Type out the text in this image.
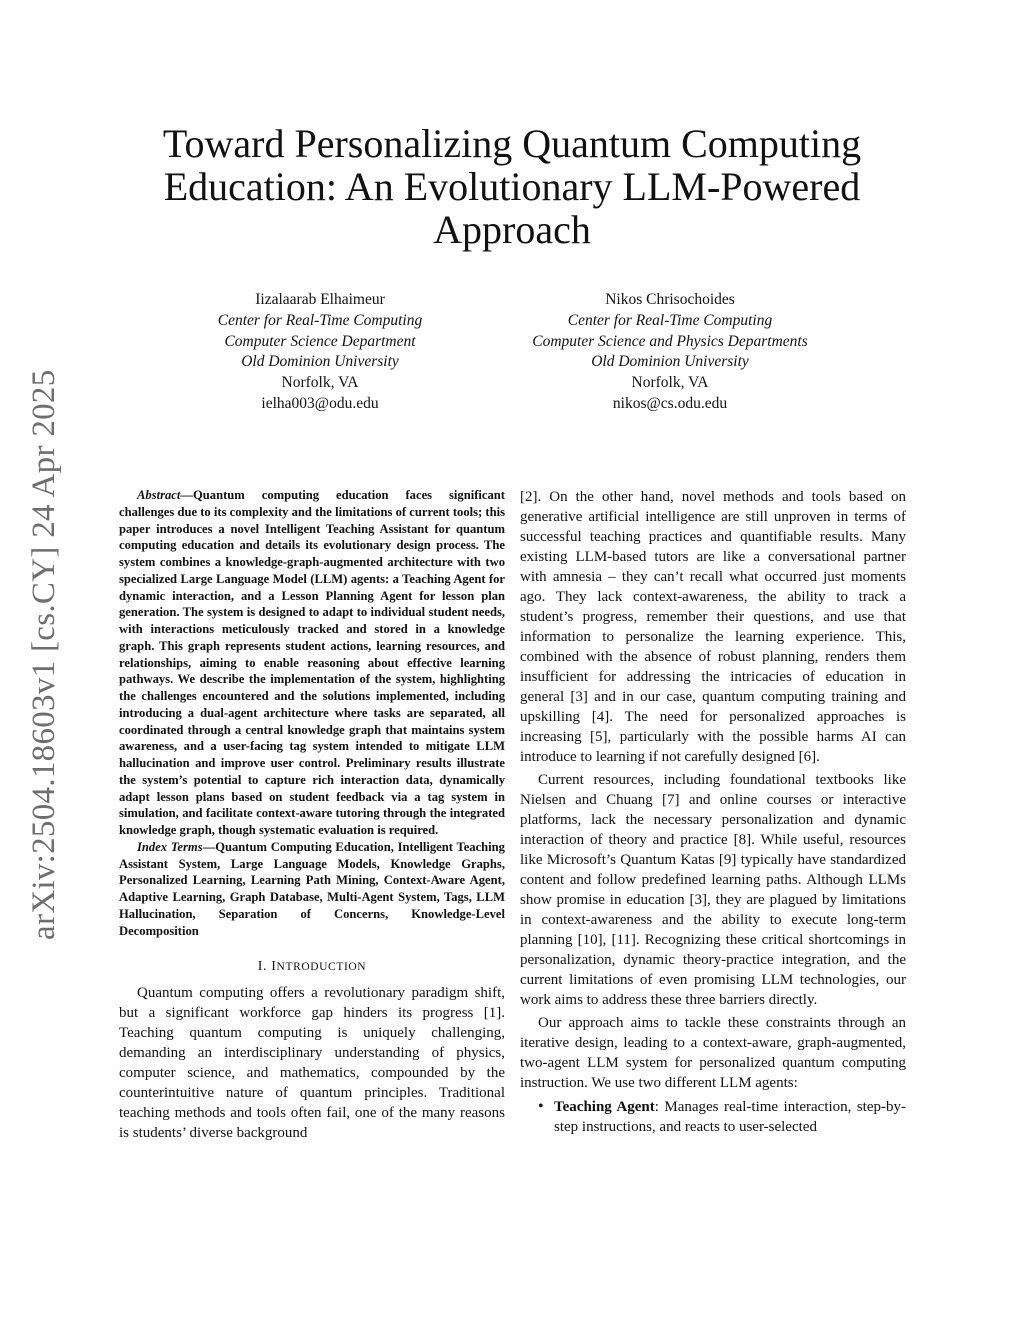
arXiv:2504.18603v1 [cs.CY] 24 Apr 2025
Toward Personalizing Quantum Computing Education: An Evolutionary LLM-Powered Approach
Iizalaarab Elhaimeur
Center for Real-Time Computing
Computer Science Department
Old Dominion University
Norfolk, VA
ielha003@odu.edu
Nikos Chrisochoides
Center for Real-Time Computing
Computer Science and Physics Departments
Old Dominion University
Norfolk, VA
nikos@cs.odu.edu

Abstract—Quantum computing education faces significant challenges due to its complexity and the limitations of current tools; this paper introduces a novel Intelligent Teaching Assistant for quantum computing education and details its evolutionary design process. The system combines a knowledge-graph-augmented architecture with two specialized Large Language Model (LLM) agents: a Teaching Agent for dynamic interaction, and a Lesson Planning Agent for lesson plan generation. The system is designed to adapt to individual student needs, with interactions meticulously tracked and stored in a knowledge graph. This graph represents student actions, learning resources, and relationships, aiming to enable reasoning about effective learning pathways. We describe the implementation of the system, highlighting the challenges encountered and the solutions implemented, including introducing a dual-agent architecture where tasks are separated, all coordinated through a central knowledge graph that maintains system awareness, and a user-facing tag system intended to mitigate LLM hallucination and improve user control. Preliminary results illustrate the system’s potential to capture rich interaction data, dynamically adapt lesson plans based on student feedback via a tag system in simulation, and facilitate context-aware tutoring through the integrated knowledge graph, though systematic evaluation is required.

Index Terms—Quantum Computing Education, Intelligent Teaching Assistant System, Large Language Models, Knowledge Graphs, Personalized Learning, Learning Path Mining, Context-Aware Agent, Adaptive Learning, Graph Database, Multi-Agent System, Tags, LLM Hallucination, Separation of Concerns, Knowledge-Level Decomposition

I. INTRODUCTION

Quantum computing offers a revolutionary paradigm shift, but a significant workforce gap hinders its progress [1]. Teaching quantum computing is uniquely challenging, demanding an interdisciplinary understanding of physics, computer science, and mathematics, compounded by the counterintuitive nature of quantum principles. Traditional teaching methods and tools often fail, one of the many reasons is students’ diverse background

[2]. On the other hand, novel methods and tools based on generative artificial intelligence are still unproven in terms of successful teaching practices and quantifiable results. Many existing LLM-based tutors are like a conversational partner with amnesia – they can’t recall what occurred just moments ago. They lack context-awareness, the ability to track a student’s progress, remember their questions, and use that information to personalize the learning experience. This, combined with the absence of robust planning, renders them insufficient for addressing the intricacies of education in general [3] and in our case, quantum computing training and upskilling [4]. The need for personalized approaches is increasing [5], particularly with the possible harms AI can introduce to learning if not carefully designed [6].

Current resources, including foundational textbooks like Nielsen and Chuang [7] and online courses or interactive platforms, lack the necessary personalization and dynamic interaction of theory and practice [8]. While useful, resources like Microsoft’s Quantum Katas [9] typically have standardized content and follow predefined learning paths. Although LLMs show promise in education [3], they are plagued by limitations in context-awareness and the ability to execute long-term planning [10], [11]. Recognizing these critical shortcomings in personalization, dynamic theory-practice integration, and the current limitations of even promising LLM technologies, our work aims to address these three barriers directly.

Our approach aims to tackle these constraints through an iterative design, leading to a context-aware, graph-augmented, two-agent LLM system for personalized quantum computing instruction. We use two different LLM agents:

• Teaching Agent: Manages real-time interaction, step-by-step instructions, and reacts to user-selected
